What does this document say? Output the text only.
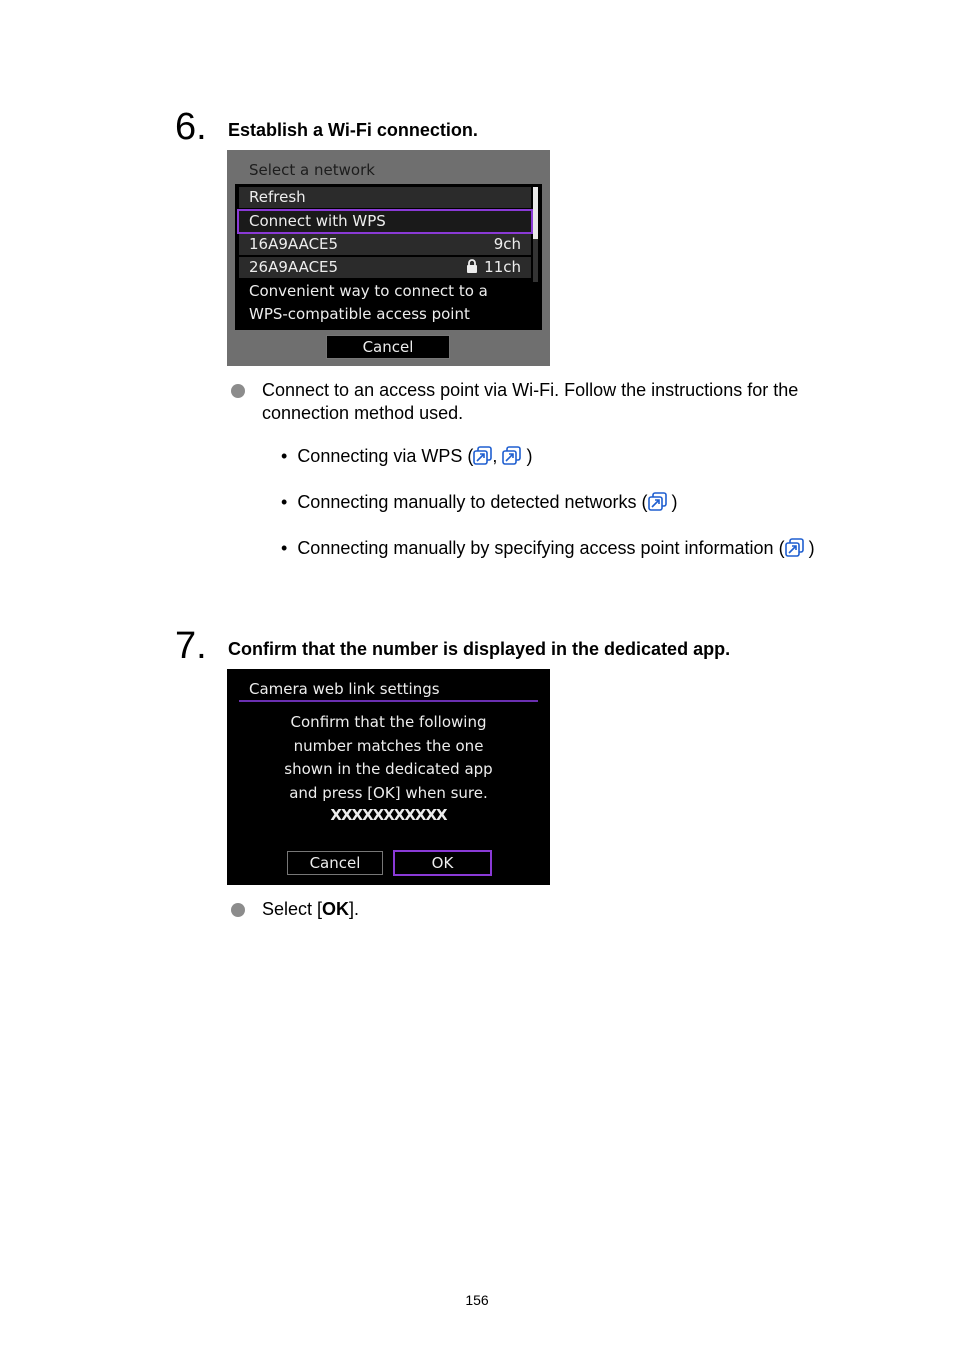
6. Establish a Wi-Fi connection.
Select a network
Refresh
Connect with WPS
16A9AACE5	9ch
26A9AACE5	11ch
Convenient way to connect to a
WPS-compatible access point
Cancel
Connect to an access point via Wi-Fi. Follow the instructions for the
connection method used.
•  Connecting via WPS ( , )
•  Connecting manually to detected networks ( )
•  Connecting manually by specifying access point information ( )
7. Confirm that the number is displayed in the dedicated app.
Camera web link settings
Confirm that the following
number matches the one
shown in the dedicated app
and press [OK] when sure.
XXXXXXXXXXX
Cancel	OK
Select [OK].
156
